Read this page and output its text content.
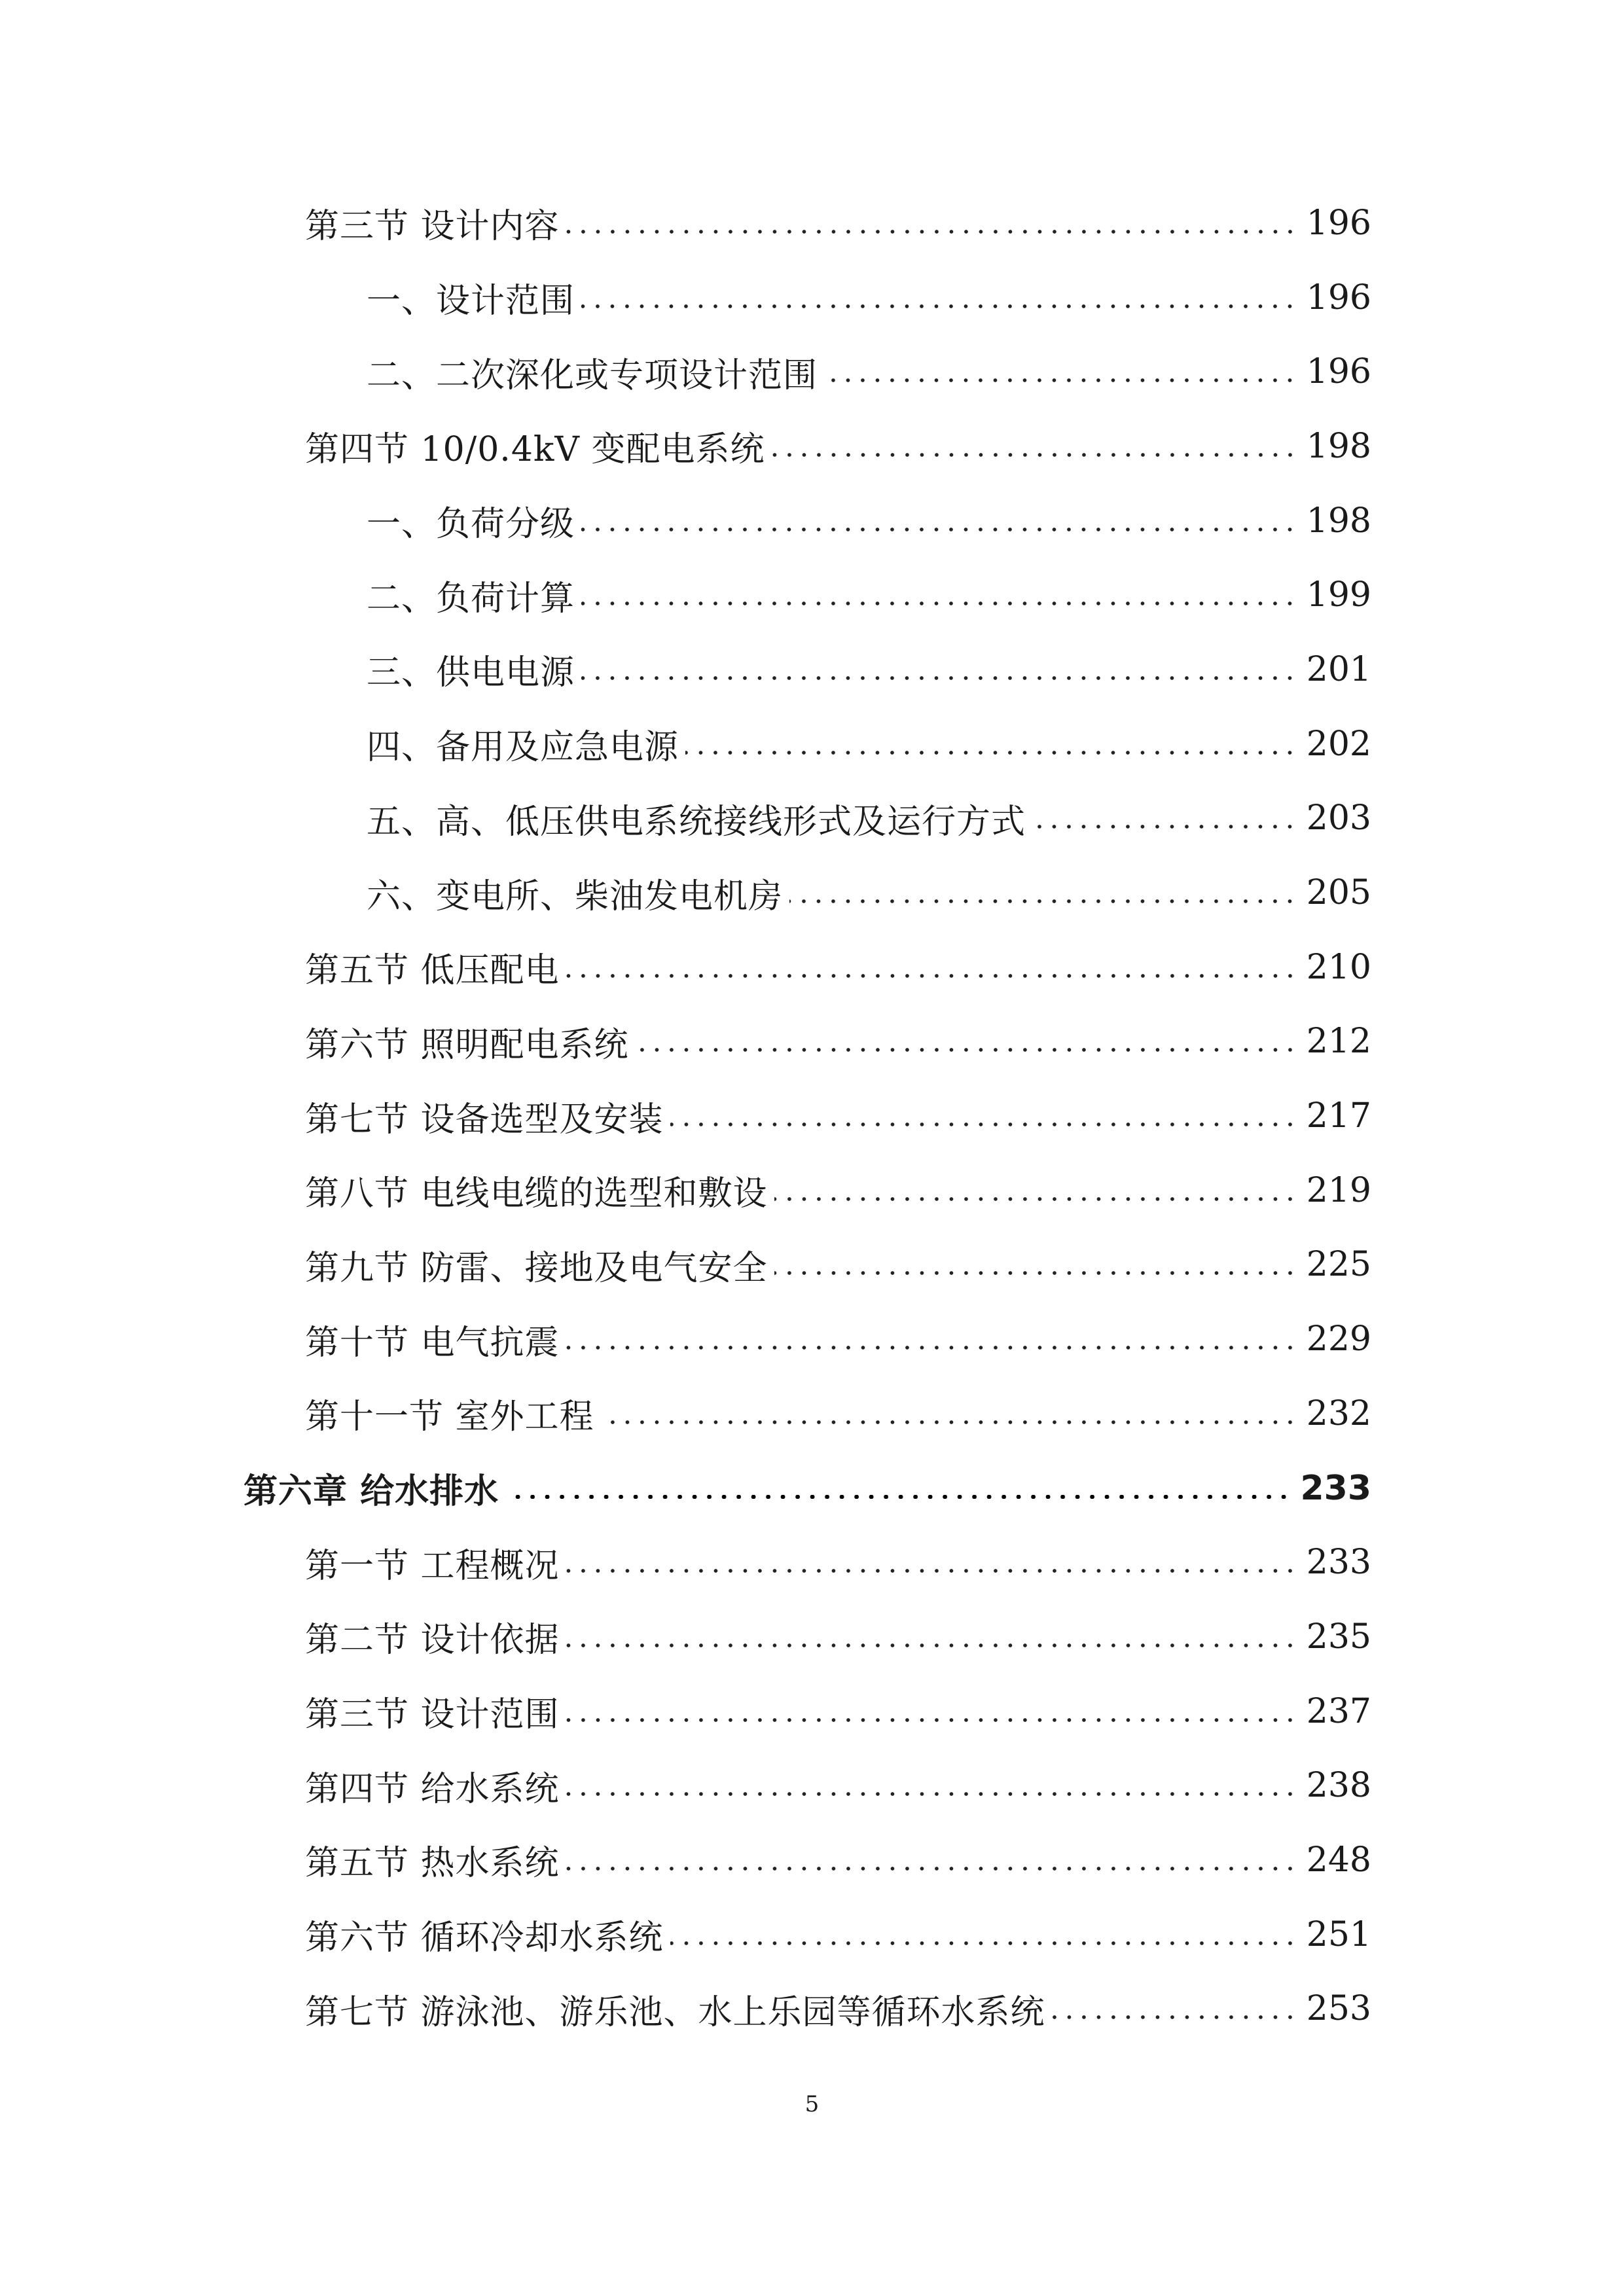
第三节 设计内容	196
一、设计范围	196
二、二次深化或专项设计范围	196
第四节 10/0.4kV 变配电系统	198
一、负荷分级	198
二、负荷计算	199
三、供电电源	201
四、备用及应急电源	202
五、高、低压供电系统接线形式及运行方式	203
六、变电所、柴油发电机房	205
第五节 低压配电	210
第六节 照明配电系统	212
第七节 设备选型及安装	217
第八节 电线电缆的选型和敷设	219
第九节 防雷、接地及电气安全	225
第十节 电气抗震	229
第十一节 室外工程	232
第六章 给水排水	233
第一节 工程概况	233
第二节 设计依据	235
第三节 设计范围	237
第四节 给水系统	238
第五节 热水系统	248
第六节 循环冷却水系统	251
第七节 游泳池、游乐池、水上乐园等循环水系统	253
5
